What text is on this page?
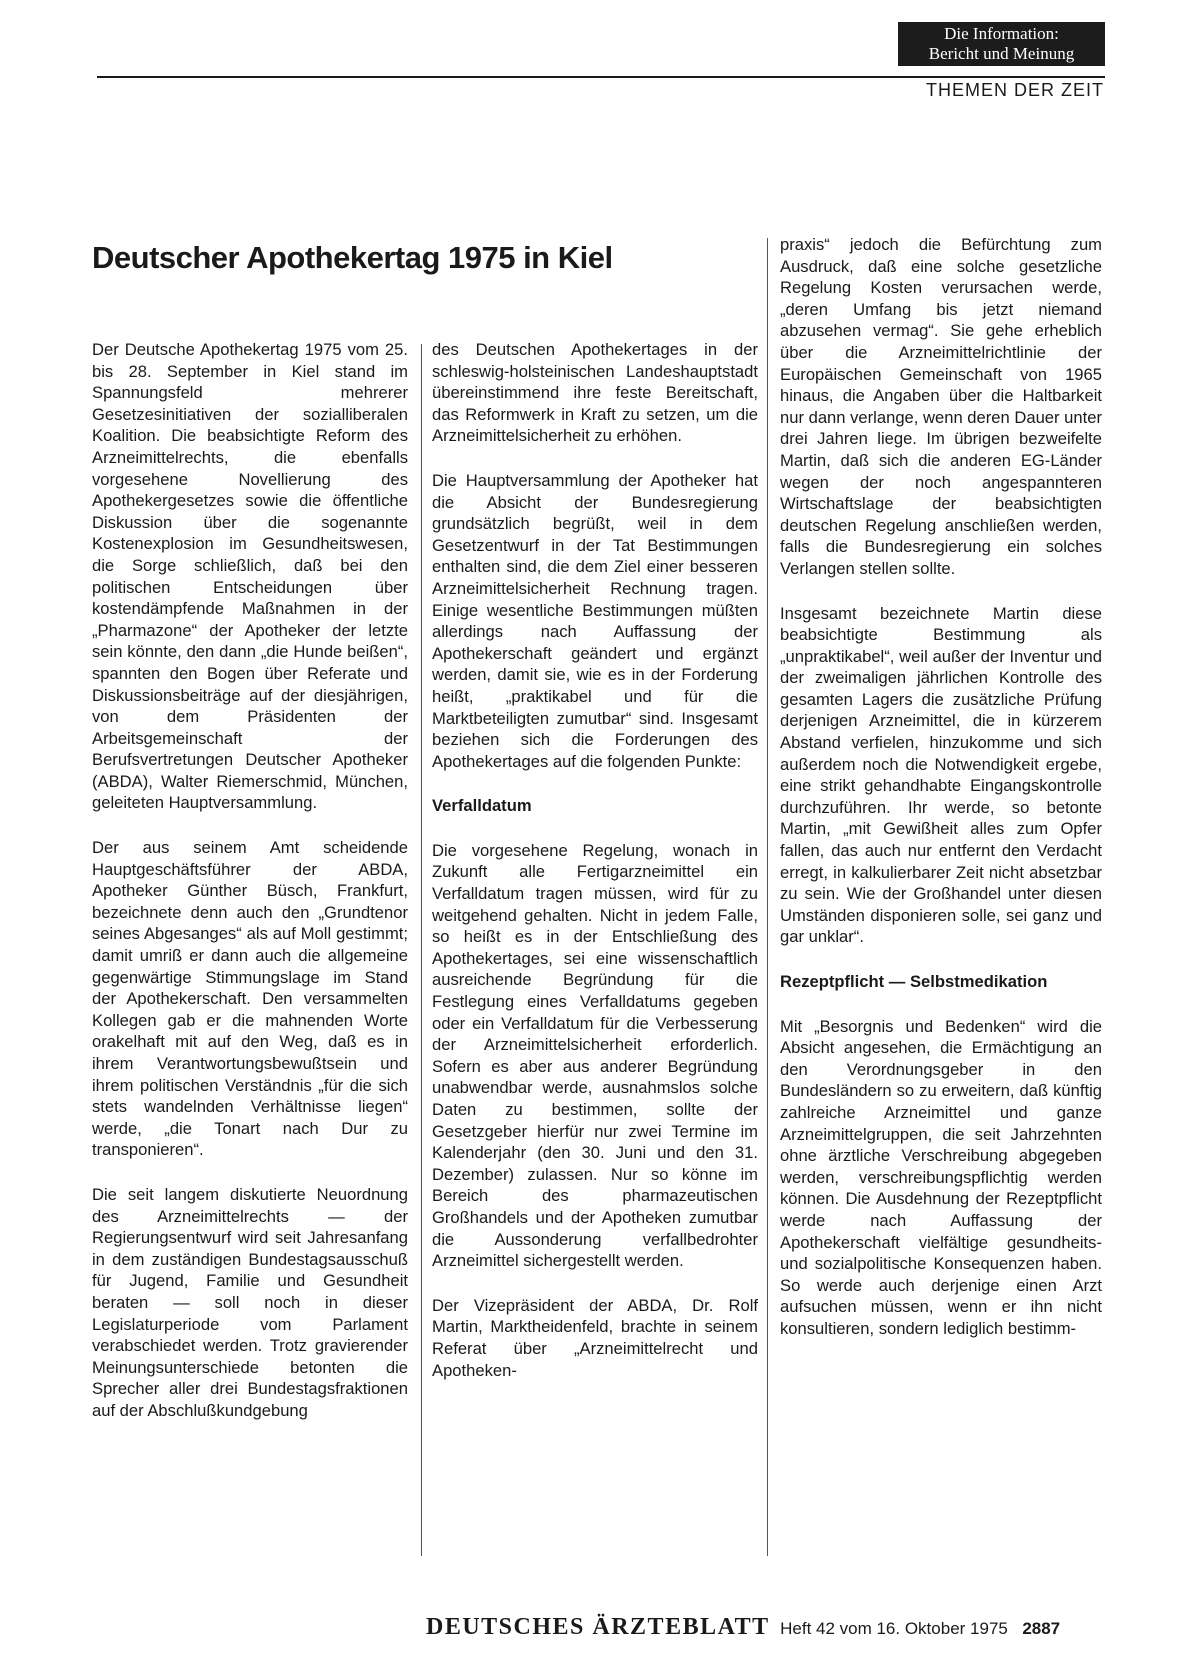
Die Information:
Bericht und Meinung
THEMEN DER ZEIT
Deutscher Apothekertag 1975 in Kiel

Der Deutsche Apothekertag 1975 vom 25. bis 28. September in Kiel stand im Spannungsfeld mehrerer Gesetzesinitiativen der sozialliberalen Koalition. Die beabsichtigte Reform des Arzneimittelrechts, die ebenfalls vorgesehene Novellierung des Apothekergesetzes sowie die öffentliche Diskussion über die sogenannte Kostenexplosion im Gesundheitswesen, die Sorge schließlich, daß bei den politischen Entscheidungen über kostendämpfende Maßnahmen in der „Pharmazone“ der Apotheker der letzte sein könnte, den dann „die Hunde beißen“, spannten den Bogen über Referate und Diskussionsbeiträge auf der diesjährigen, von dem Präsidenten der Arbeitsgemeinschaft der Berufsvertretungen Deutscher Apotheker (ABDA), Walter Riemerschmid, München, geleiteten Hauptversammlung.

Der aus seinem Amt scheidende Hauptgeschäftsführer der ABDA, Apotheker Günther Büsch, Frankfurt, bezeichnete denn auch den „Grundtenor seines Abgesanges“ als auf Moll gestimmt; damit umriß er dann auch die allgemeine gegenwärtige Stimmungslage im Stand der Apothekerschaft. Den versammelten Kollegen gab er die mahnenden Worte orakelhaft mit auf den Weg, daß es in ihrem Verantwortungsbewußtsein und ihrem politischen Verständnis „für die sich stets wandelnden Verhältnisse liegen“ werde, „die Tonart nach Dur zu transponieren“.

Die seit langem diskutierte Neuordnung des Arzneimittelrechts — der Regierungsentwurf wird seit Jahresanfang in dem zuständigen Bundestagsausschuß für Jugend, Familie und Gesundheit beraten — soll noch in dieser Legislaturperiode vom Parlament verabschiedet werden. Trotz gravierender Meinungsunterschiede betonten die Sprecher aller drei Bundestagsfraktionen auf der Abschlußkundgebung

des Deutschen Apothekertages in der schleswig-holsteinischen Landeshauptstadt übereinstimmend ihre feste Bereitschaft, das Reformwerk in Kraft zu setzen, um die Arzneimittelsicherheit zu erhöhen.

Die Hauptversammlung der Apotheker hat die Absicht der Bundesregierung grundsätzlich begrüßt, weil in dem Gesetzentwurf in der Tat Bestimmungen enthalten sind, die dem Ziel einer besseren Arzneimittelsicherheit Rechnung tragen. Einige wesentliche Bestimmungen müßten allerdings nach Auffassung der Apothekerschaft geändert und ergänzt werden, damit sie, wie es in der Forderung heißt, „praktikabel und für die Marktbeteiligten zumutbar“ sind. Insgesamt beziehen sich die Forderungen des Apothekertages auf die folgenden Punkte:

Verfalldatum

Die vorgesehene Regelung, wonach in Zukunft alle Fertigarzneimittel ein Verfalldatum tragen müssen, wird für zu weitgehend gehalten. Nicht in jedem Falle, so heißt es in der Entschließung des Apothekertages, sei eine wissenschaftlich ausreichende Begründung für die Festlegung eines Verfalldatums gegeben oder ein Verfalldatum für die Verbesserung der Arzneimittelsicherheit erforderlich. Sofern es aber aus anderer Begründung unabwendbar werde, ausnahmslos solche Daten zu bestimmen, sollte der Gesetzgeber hierfür nur zwei Termine im Kalenderjahr (den 30. Juni und den 31. Dezember) zulassen. Nur so könne im Bereich des pharmazeutischen Großhandels und der Apotheken zumutbar die Aussonderung verfallbedrohter Arzneimittel sichergestellt werden.

Der Vizepräsident der ABDA, Dr. Rolf Martin, Marktheidenfeld, brachte in seinem Referat über „Arzneimittelrecht und Apotheken-

praxis“ jedoch die Befürchtung zum Ausdruck, daß eine solche gesetzliche Regelung Kosten verursachen werde, „deren Umfang bis jetzt niemand abzusehen vermag“. Sie gehe erheblich über die Arzneimittelrichtlinie der Europäischen Gemeinschaft von 1965 hinaus, die Angaben über die Haltbarkeit nur dann verlange, wenn deren Dauer unter drei Jahren liege. Im übrigen bezweifelte Martin, daß sich die anderen EG-Länder wegen der noch angespannteren Wirtschaftslage der beabsichtigten deutschen Regelung anschließen werden, falls die Bundesregierung ein solches Verlangen stellen sollte.

Insgesamt bezeichnete Martin diese beabsichtigte Bestimmung als „unpraktikabel“, weil außer der Inventur und der zweimaligen jährlichen Kontrolle des gesamten Lagers die zusätzliche Prüfung derjenigen Arzneimittel, die in kürzerem Abstand verfielen, hinzukomme und sich außerdem noch die Notwendigkeit ergebe, eine strikt gehandhabte Eingangskontrolle durchzuführen. Ihr werde, so betonte Martin, „mit Gewißheit alles zum Opfer fallen, das auch nur entfernt den Verdacht erregt, in kalkulierbarer Zeit nicht absetzbar zu sein. Wie der Großhandel unter diesen Umständen disponieren solle, sei ganz und gar unklar“.

Rezeptpflicht — Selbstmedikation

Mit „Besorgnis und Bedenken“ wird die Absicht angesehen, die Ermächtigung an den Verordnungsgeber in den Bundesländern so zu erweitern, daß künftig zahlreiche Arzneimittel und ganze Arzneimittelgruppen, die seit Jahrzehnten ohne ärztliche Verschreibung abgegeben werden, verschreibungspflichtig werden können. Die Ausdehnung der Rezeptpflicht werde nach Auffassung der Apothekerschaft vielfältige gesundheits- und sozialpolitische Konsequenzen haben. So werde auch derjenige einen Arzt aufsuchen müssen, wenn er ihn nicht konsultieren, sondern lediglich bestimm-

DEUTSCHES ÄRZTEBLATT Heft 42 vom 16. Oktober 1975 2887
